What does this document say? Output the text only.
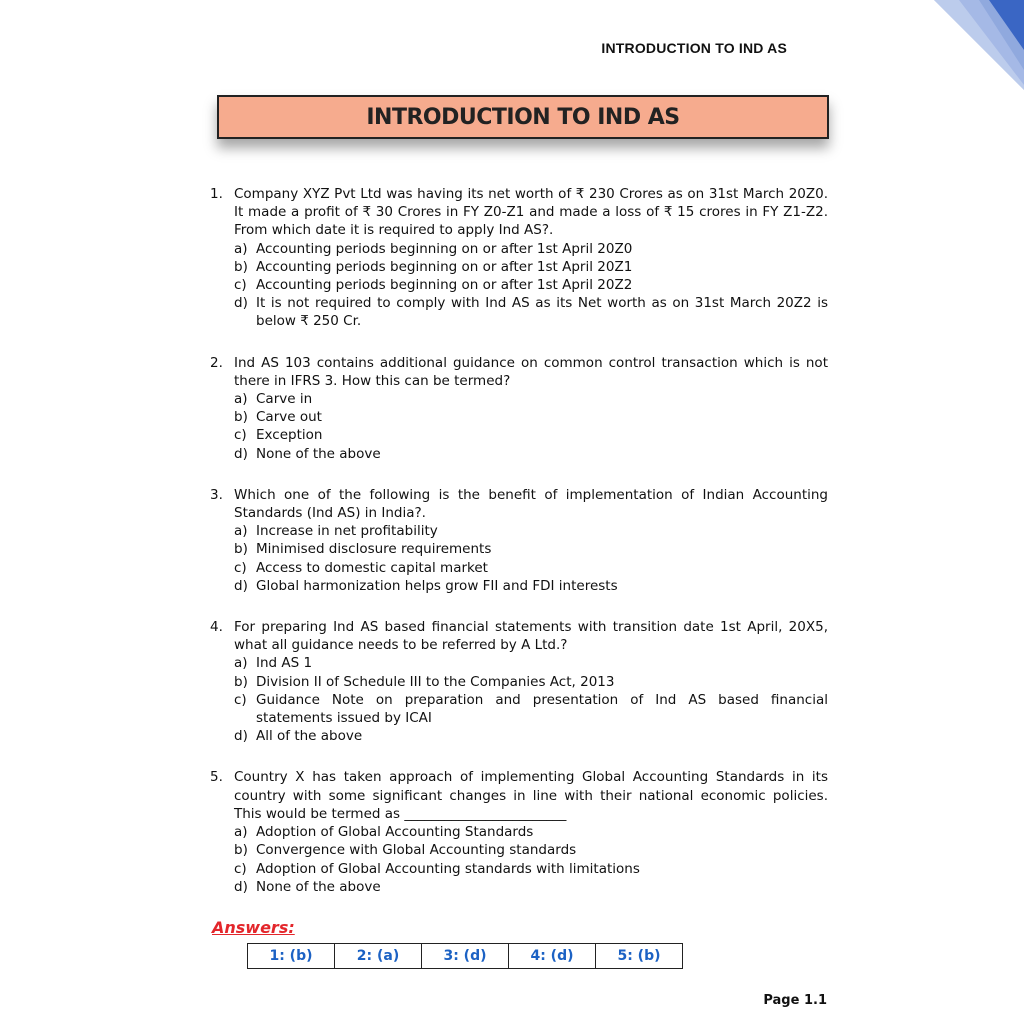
INTRODUCTION TO IND AS
INTRODUCTION TO IND AS
1. Company XYZ Pvt Ltd was having its net worth of ₹ 230 Crores as on 31st March 20Z0. It made a profit of ₹ 30 Crores in FY Z0-Z1 and made a loss of ₹ 15 crores in FY Z1-Z2. From which date it is required to apply Ind AS?.
a) Accounting periods beginning on or after 1st April 20Z0
b) Accounting periods beginning on or after 1st April 20Z1
c) Accounting periods beginning on or after 1st April 20Z2
d) It is not required to comply with Ind AS as its Net worth as on 31st March 20Z2 is below ₹ 250 Cr.
2. Ind AS 103 contains additional guidance on common control transaction which is not there in IFRS 3. How this can be termed?
a) Carve in
b) Carve out
c) Exception
d) None of the above
3. Which one of the following is the benefit of implementation of Indian Accounting Standards (Ind AS) in India?.
a) Increase in net profitability
b) Minimised disclosure requirements
c) Access to domestic capital market
d) Global harmonization helps grow FII and FDI interests
4. For preparing Ind AS based financial statements with transition date 1st April, 20X5, what all guidance needs to be referred by A Ltd.?
a) Ind AS 1
b) Division II of Schedule III to the Companies Act, 2013
c) Guidance Note on preparation and presentation of Ind AS based financial statements issued by ICAI
d) All of the above
5. Country X has taken approach of implementing Global Accounting Standards in its country with some significant changes in line with their national economic policies. This would be termed as ________________________
a) Adoption of Global Accounting Standards
b) Convergence with Global Accounting standards
c) Adoption of Global Accounting standards with limitations
d) None of the above
Answers:
1: (b)	2: (a)	3: (d)	4: (d)	5: (b)
Page 1.1
